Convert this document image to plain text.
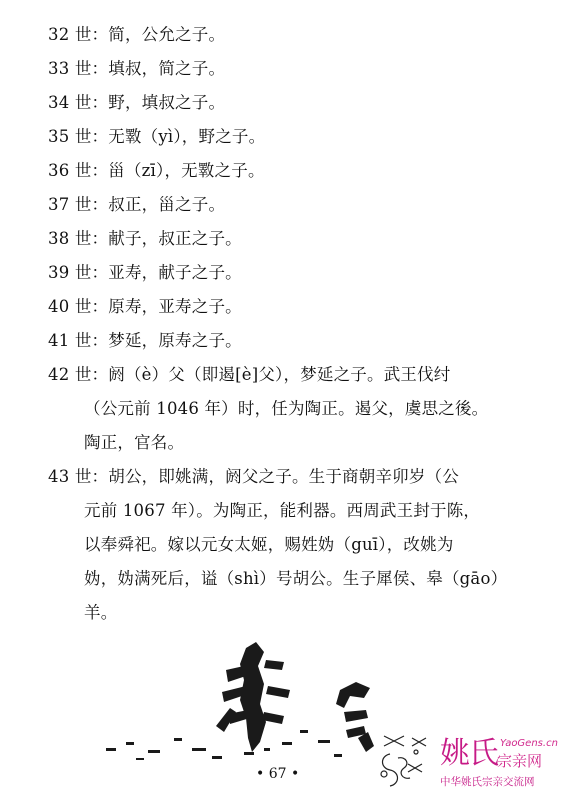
32 世：简，公允之子。
33 世：填叔，简之子。
34 世：野，填叔之子。
35 世：无斁（yì），野之子。
36 世：甾（zī），无斁之子。
37 世：叔正，甾之子。
38 世：献子，叔正之子。
39 世：亚寿，献子之子。
40 世：原寿，亚寿之子。
41 世：梦延，原寿之子。
42 世：阏（è）父（即遏[è]父），梦延之子。武王伐纣
（公元前 1046 年）时，任为陶正。遏父，虞思之後。
陶正，官名。
43 世：胡公，即姚满，阏父之子。生于商朝辛卯岁（公
元前 1067 年）。为陶正，能利器。西周武王封于陈，
以奉舜祀。嫁以元女太姬，赐姓妫（guī），改姚为
妫，妫满死后，谥（shì）号胡公。生子犀侯、皋（gāo）
羊。
• 67 •
姚氏 YaoGens.cn
宗亲网
中华姚氏宗亲交流网
